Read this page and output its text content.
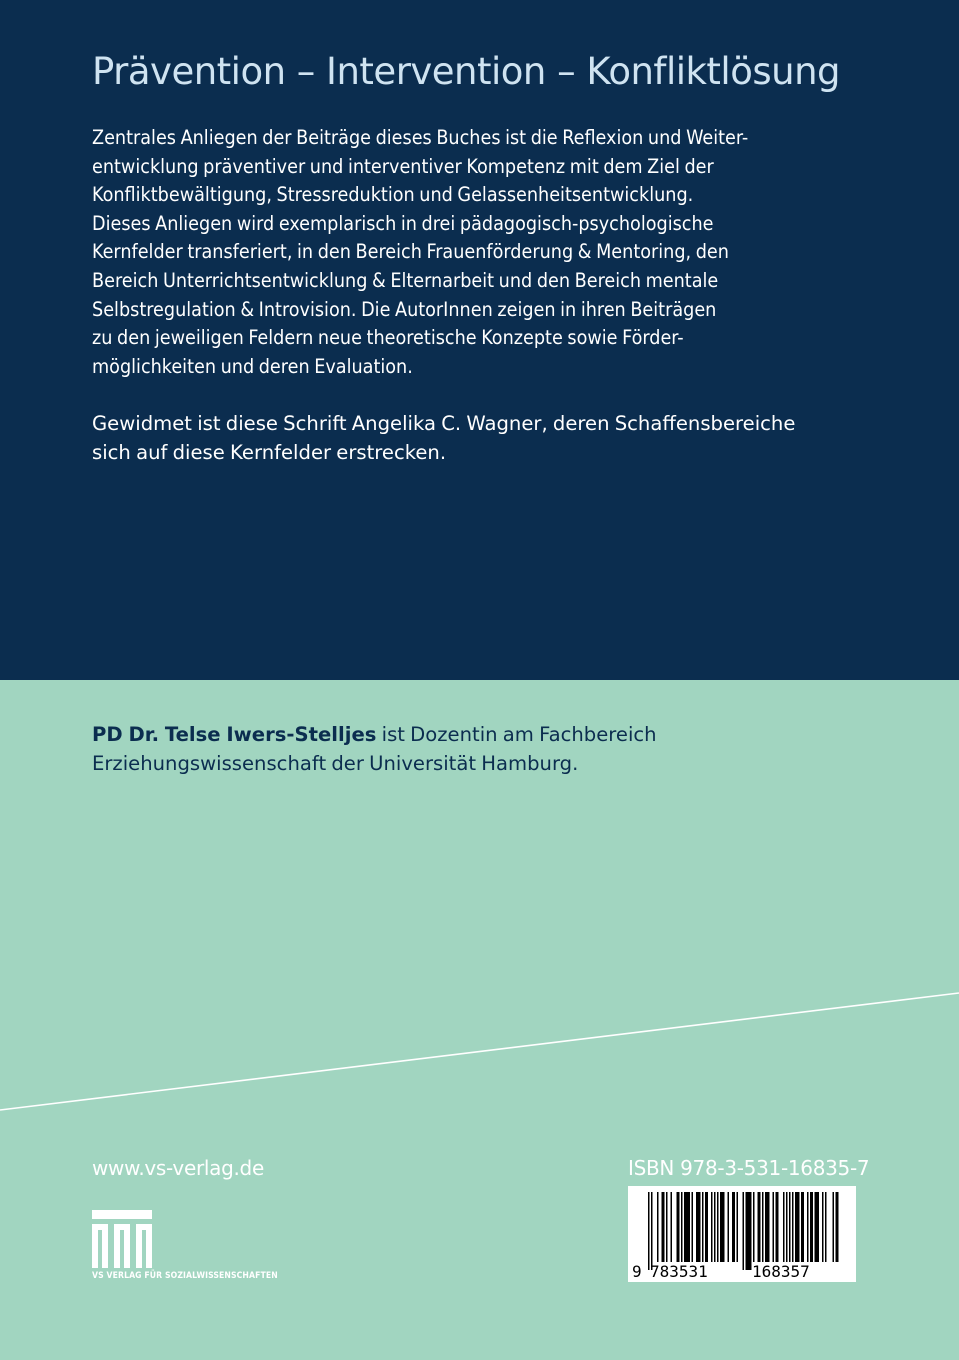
Prävention – Intervention – Konfliktlösung

Zentrales Anliegen der Beiträge dieses Buches ist die Reflexion und Weiter-
entwicklung präventiver und interventiver Kompetenz mit dem Ziel der
Konfliktbewältigung, Stressreduktion und Gelassenheitsentwicklung.
Dieses Anliegen wird exemplarisch in drei pädagogisch-psychologische
Kernfelder transferiert, in den Bereich Frauenförderung & Mentoring, den
Bereich Unterrichtsentwicklung & Elternarbeit und den Bereich mentale
Selbstregulation & Introvision. Die AutorInnen zeigen in ihren Beiträgen
zu den jeweiligen Feldern neue theoretische Konzepte sowie Förder-
möglichkeiten und deren Evaluation.

Gewidmet ist diese Schrift Angelika C. Wagner, deren Schaffensbereiche
sich auf diese Kernfelder erstrecken.

PD Dr. Telse Iwers-Stelljes ist Dozentin am Fachbereich
Erziehungswissenschaft der Universität Hamburg.

www.vs-verlag.de
VS VERLAG FÜR SOZIALWISSENSCHAFTEN
ISBN 978-3-531-16835-7
9 783531	168357
